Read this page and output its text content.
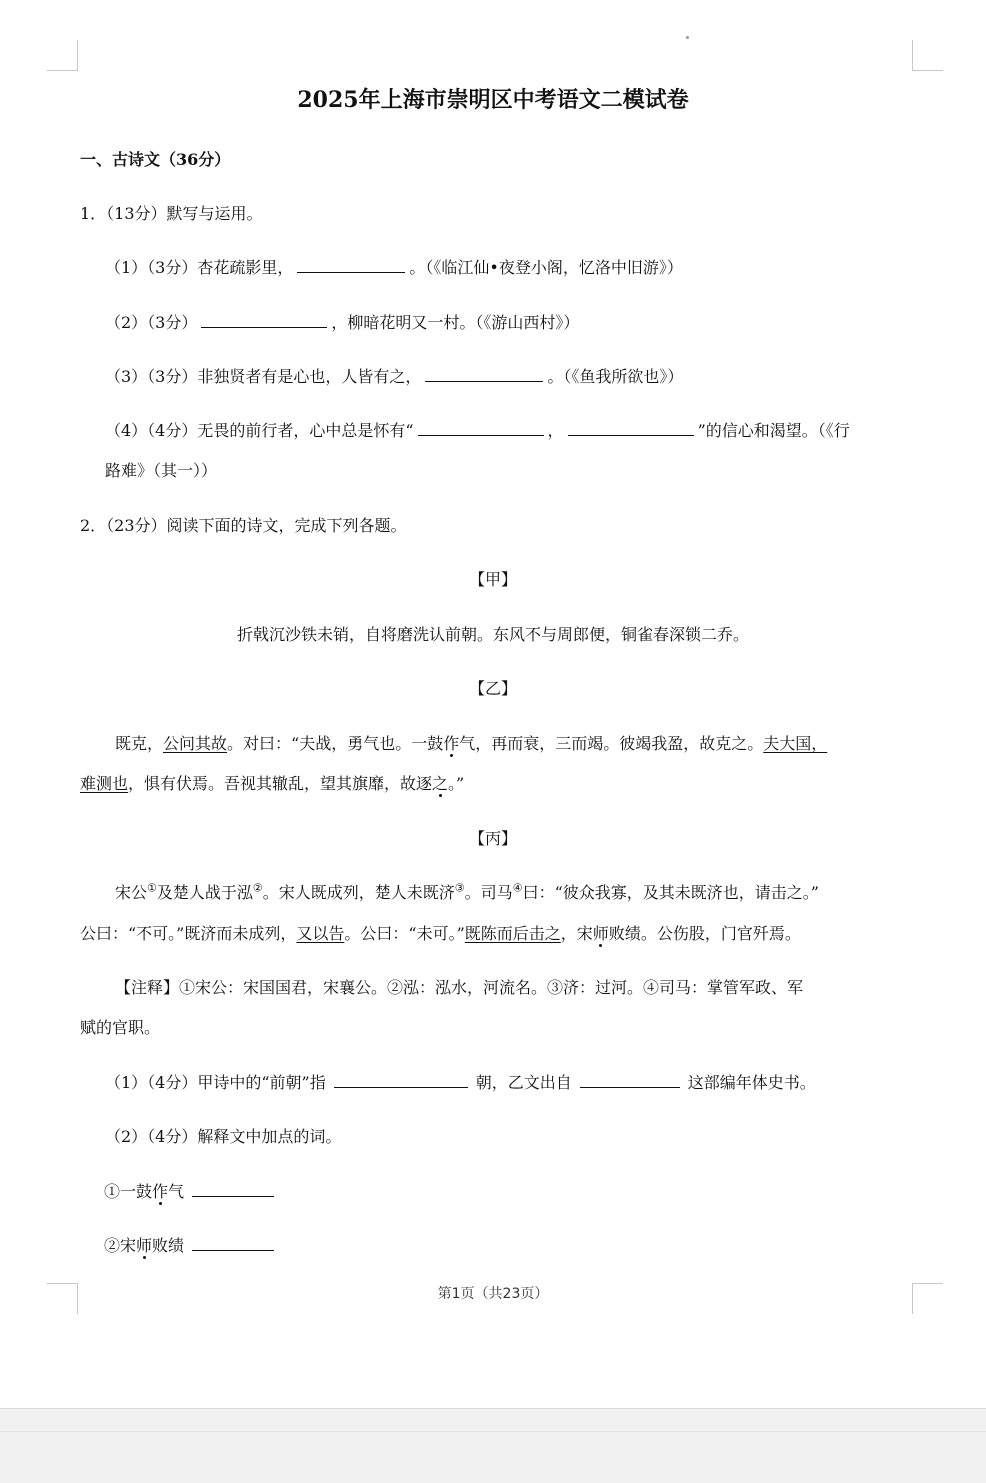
2025年上海市崇明区中考语文二模试卷
一、古诗文（36分）
1．（13分）默写与运用。
（1）（3分）杏花疏影里，	。（《临江仙•夜登小阁，忆洛中旧游》）
（2）（3分）	，柳暗花明又一村。（《游山西村》）
（3）（3分）非独贤者有是心也，人皆有之，	。（《鱼我所欲也》）
（4）（4分）无畏的前行者，心中总是怀有“	，	”的信心和渴望。（《行
路难》（其一））
2．（23分）阅读下面的诗文，完成下列各题。
【甲】
折戟沉沙铁未销，自将磨洗认前朝。东风不与周郎便，铜雀春深锁二乔。
【乙】
既克，公问其故。对曰：“夫战，勇气也。一鼓作气，再而衰，三而竭。彼竭我盈，故克之。夫大国，
难测也，惧有伏焉。吾视其辙乱，望其旗靡，故逐之。”
【丙】
宋公①及楚人战于泓②。宋人既成列，楚人未既济③。司马④曰：“彼众我寡，及其未既济也，请击之。”
公曰：“不可。”既济而未成列，又以告。公曰：“未可。”既陈而后击之，宋师败绩。公伤股，门官歼焉。
【注释】①宋公：宋国国君，宋襄公。②泓：泓水，河流名。③济：过河。④司马：掌管军政、军
赋的官职。
（1）（4分）甲诗中的“前朝”指	朝，乙文出自	这部编年体史书。
（2）（4分）解释文中加点的词。
①一鼓作气
②宋师败绩
第1页（共23页）
